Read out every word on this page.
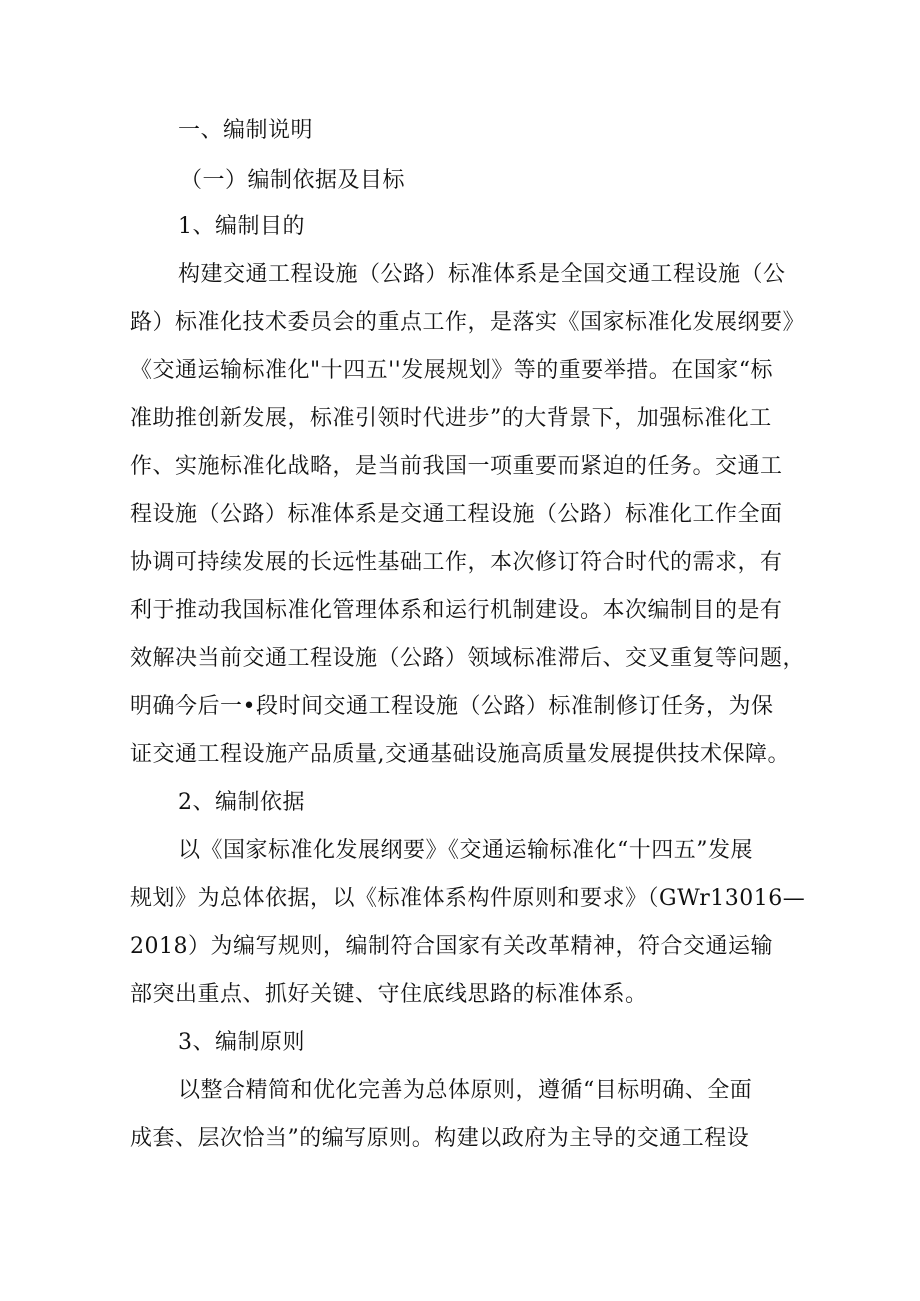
一、编制说明
（一）编制依据及目标
1、编制目的
构建交通工程设施（公路）标准体系是全国交通工程设施（公
路）标准化技术委员会的重点工作，是落实《国家标准化发展纲要》
《交通运输标准化"十四五''发展规划》等的重要举措。在国家“标
准助推创新发展，标准引领时代进步”的大背景下，加强标准化工
作、实施标准化战略，是当前我国一项重要而紧迫的任务。交通工
程设施（公路）标准体系是交通工程设施（公路）标准化工作全面
协调可持续发展的长远性基础工作，本次修订符合时代的需求，有
利于推动我国标准化管理体系和运行机制建设。本次编制目的是有
效解决当前交通工程设施（公路）领域标准滞后、交叉重复等问题，
明确今后一•段时间交通工程设施（公路）标准制修订任务，为保
证交通工程设施产品质量,交通基础设施高质量发展提供技术保障。
2、编制依据
以《国家标准化发展纲要》《交通运输标准化“十四五”发展
规划》为总体依据，以《标准体系构件原则和要求》（GWr13016—
2018）为编写规则，编制符合国家有关改革精神，符合交通运输
部突出重点、抓好关键、守住底线思路的标准体系。
3、编制原则
以整合精简和优化完善为总体原则，遵循“目标明确、全面
成套、层次恰当”的编写原则。构建以政府为主导的交通工程设
